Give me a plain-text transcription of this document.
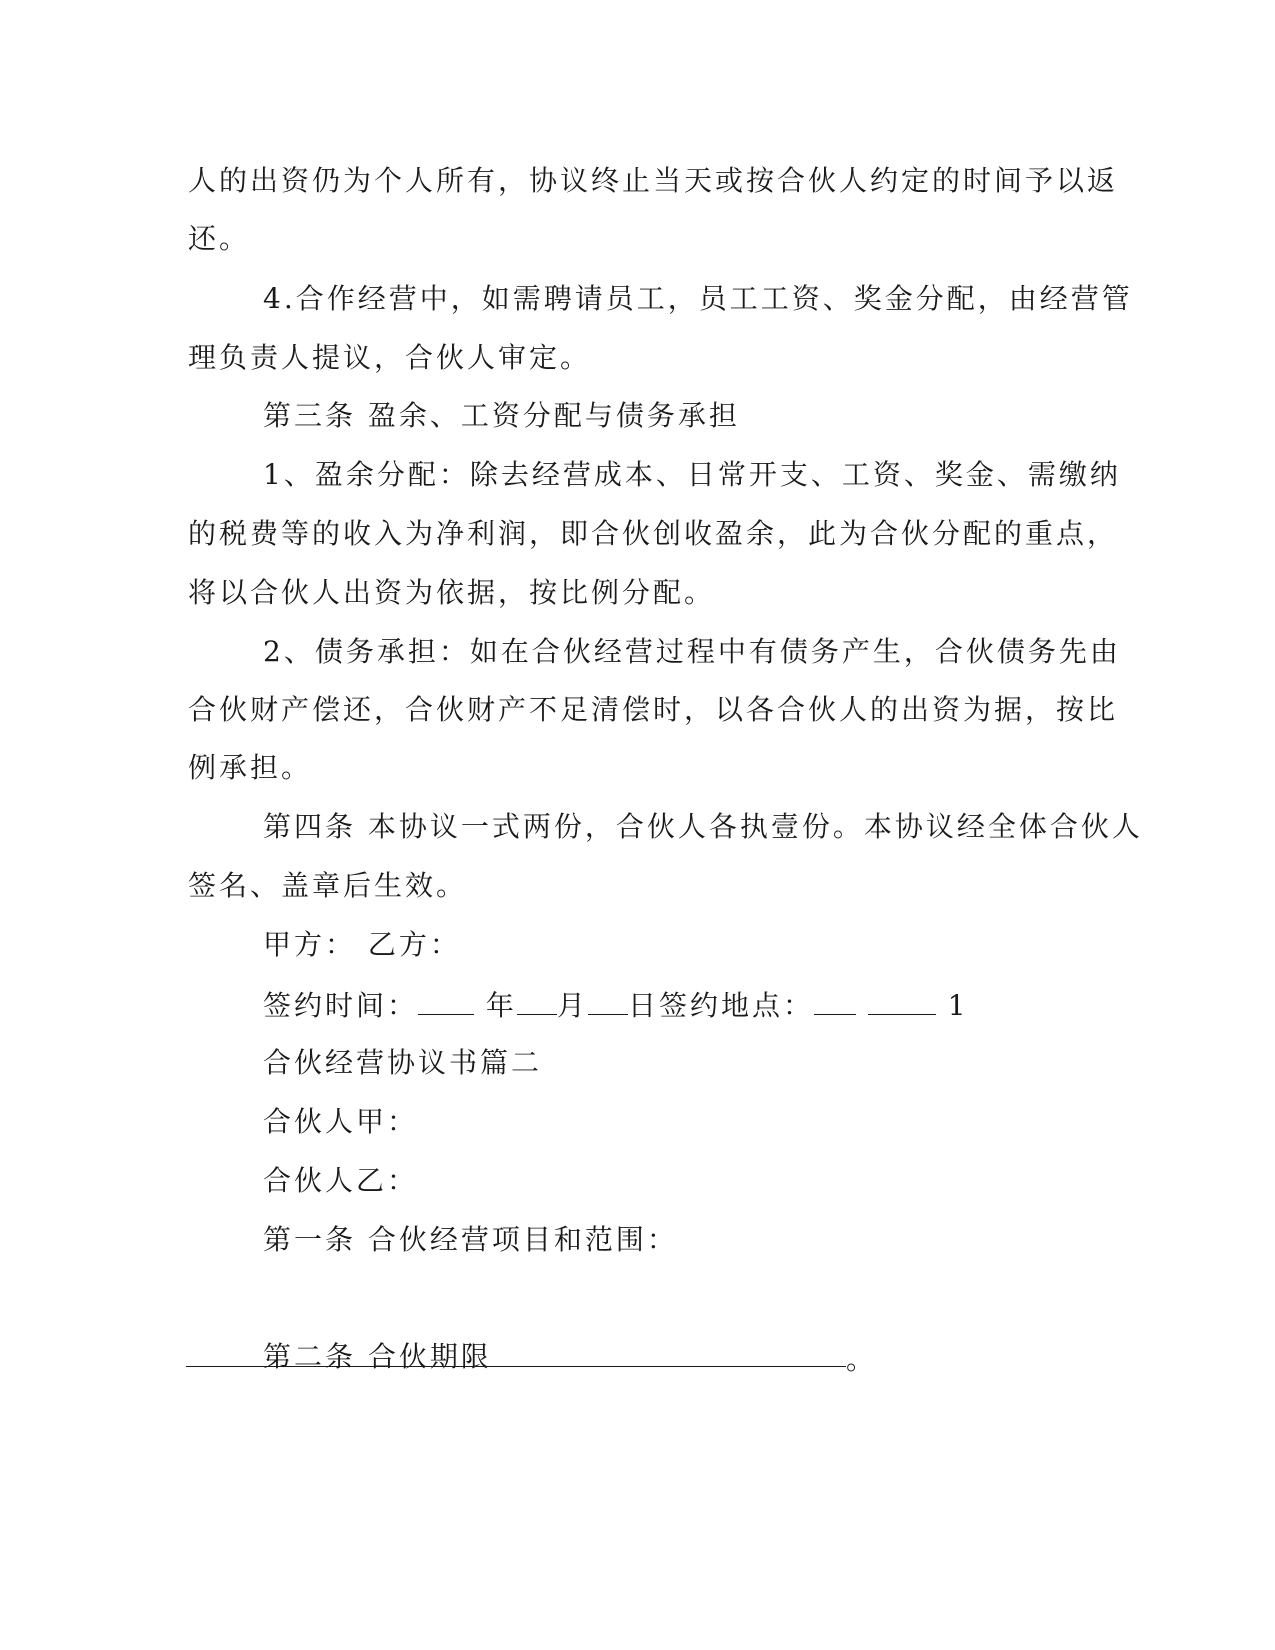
人的出资仍为个人所有，协议终止当天或按合伙人约定的时间予以返
还。
4.合作经营中，如需聘请员工，员工工资、奖金分配，由经营管
理负责人提议，合伙人审定。
第三条 盈余、工资分配与债务承担
1、盈余分配：除去经营成本、日常开支、工资、奖金、需缴纳
的税费等的收入为净利润，即合伙创收盈余，此为合伙分配的重点，
将以合伙人出资为依据，按比例分配。
2、债务承担：如在合伙经营过程中有债务产生，合伙债务先由
合伙财产偿还，合伙财产不足清偿时，以各合伙人的出资为据，按比
例承担。
第四条 本协议一式两份，合伙人各执壹份。本协议经全体合伙人
签名、盖章后生效。
甲方： 乙方：
签约时间： 年 月 日签约地点：	1
合伙经营协议书篇二
合伙人甲：
合伙人乙：
第一条 合伙经营项目和范围：
。
第二条 合伙期限
